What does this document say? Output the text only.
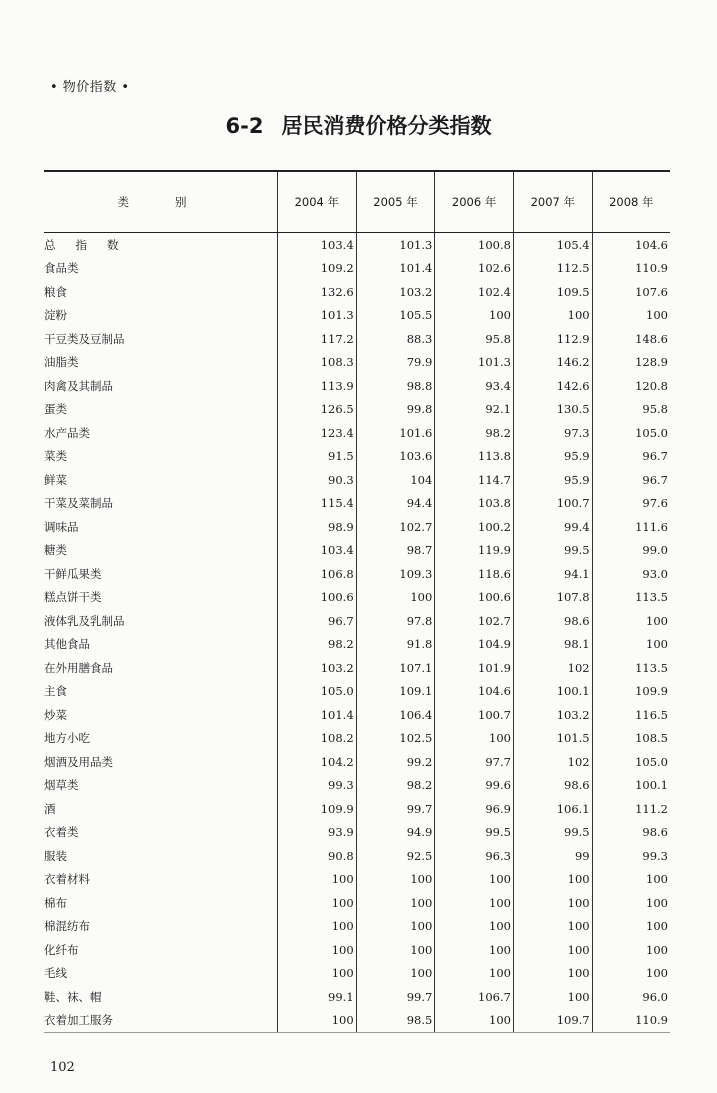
• 物价指数 •
6-2 居民消费价格分类指数
类别	2004 年	2005 年	2006 年	2007 年	2008 年
总指数	103.4	101.3	100.8	105.4	104.6
食品类	109.2	101.4	102.6	112.5	110.9
粮食	132.6	103.2	102.4	109.5	107.6
淀粉	101.3	105.5	100	100	100
干豆类及豆制品	117.2	88.3	95.8	112.9	148.6
油脂类	108.3	79.9	101.3	146.2	128.9
肉禽及其制品	113.9	98.8	93.4	142.6	120.8
蛋类	126.5	99.8	92.1	130.5	95.8
水产品类	123.4	101.6	98.2	97.3	105.0
菜类	91.5	103.6	113.8	95.9	96.7
鲜菜	90.3	104	114.7	95.9	96.7
干菜及菜制品	115.4	94.4	103.8	100.7	97.6
调味品	98.9	102.7	100.2	99.4	111.6
糖类	103.4	98.7	119.9	99.5	99.0
干鲜瓜果类	106.8	109.3	118.6	94.1	93.0
糕点饼干类	100.6	100	100.6	107.8	113.5
液体乳及乳制品	96.7	97.8	102.7	98.6	100
其他食品	98.2	91.8	104.9	98.1	100
在外用膳食品	103.2	107.1	101.9	102	113.5
主食	105.0	109.1	104.6	100.1	109.9
炒菜	101.4	106.4	100.7	103.2	116.5
地方小吃	108.2	102.5	100	101.5	108.5
烟酒及用品类	104.2	99.2	97.7	102	105.0
烟草类	99.3	98.2	99.6	98.6	100.1
酒	109.9	99.7	96.9	106.1	111.2
衣着类	93.9	94.9	99.5	99.5	98.6
服装	90.8	92.5	96.3	99	99.3
衣着材料	100	100	100	100	100
棉布	100	100	100	100	100
棉混纺布	100	100	100	100	100
化纤布	100	100	100	100	100
毛线	100	100	100	100	100
鞋、袜、帽	99.1	99.7	106.7	100	96.0
衣着加工服务	100	98.5	100	109.7	110.9
102
